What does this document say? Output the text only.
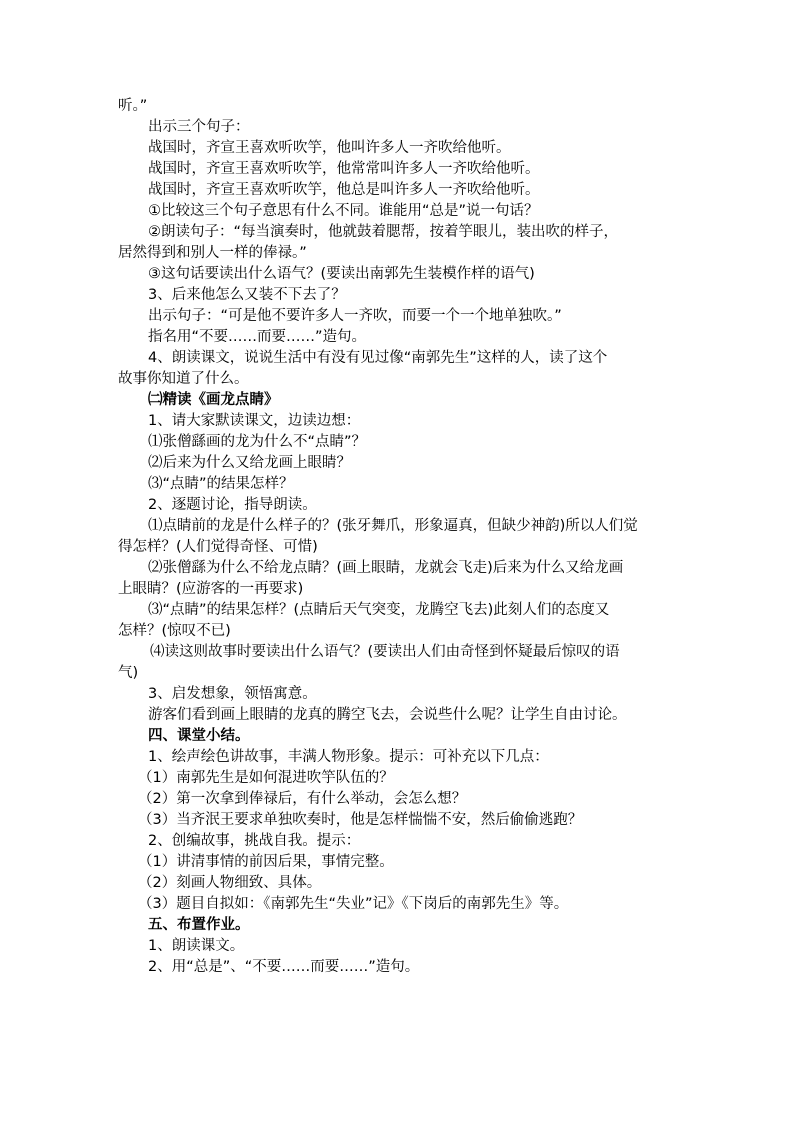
听。”
出示三个句子：
战国时，齐宣王喜欢听吹竽，他叫许多人一齐吹给他听。
战国时，齐宣王喜欢听吹竽，他常常叫许多人一齐吹给他听。
战国时，齐宣王喜欢听吹竽，他总是叫许多人一齐吹给他听。
①比较这三个句子意思有什么不同。谁能用“总是”说一句话？
②朗读句子：“每当演奏时，他就鼓着腮帮，按着竽眼儿，装出吹的样子，
居然得到和别人一样的俸禄。”
③这句话要读出什么语气？(要读出南郭先生装模作样的语气)
3、后来他怎么又装不下去了？
出示句子：“可是他不要许多人一齐吹，而要一个一个地单独吹。”
指名用“不要……而要……”造句。
4、朗读课文，说说生活中有没有见过像“南郭先生”这样的人，读了这个
故事你知道了什么。
㈡精读《画龙点睛》
1、请大家默读课文，边读边想：
⑴张僧繇画的龙为什么不“点睛”？
⑵后来为什么又给龙画上眼睛？
⑶“点睛”的结果怎样？
2、逐题讨论，指导朗读。
⑴点睛前的龙是什么样子的？(张牙舞爪，形象逼真，但缺少神韵)所以人们觉
得怎样？(人们觉得奇怪、可惜)
⑵张僧繇为什么不给龙点睛？(画上眼睛，龙就会飞走)后来为什么又给龙画
上眼睛？(应游客的一再要求)
⑶“点睛”的结果怎样？(点睛后天气突变，龙腾空飞去)此刻人们的态度又
怎样？(惊叹不已)
⑷读这则故事时要读出什么语气？(要读出人们由奇怪到怀疑最后惊叹的语
气)
3、启发想象，领悟寓意。
游客们看到画上眼睛的龙真的腾空飞去，会说些什么呢？让学生自由讨论。
四、课堂小结。
1、绘声绘色讲故事，丰满人物形象。提示：可补充以下几点：
（1）南郭先生是如何混进吹竽队伍的？
（2）第一次拿到俸禄后，有什么举动，会怎么想？
（3）当齐泯王要求单独吹奏时，他是怎样惴惴不安，然后偷偷逃跑？
2、创编故事，挑战自我。提示：
（1）讲清事情的前因后果，事情完整。
（2）刻画人物细致、具体。
（3）题目自拟如：《南郭先生“失业”记》《下岗后的南郭先生》等。
五、布置作业。
1、朗读课文。
2、用“总是”、“不要……而要……”造句。
